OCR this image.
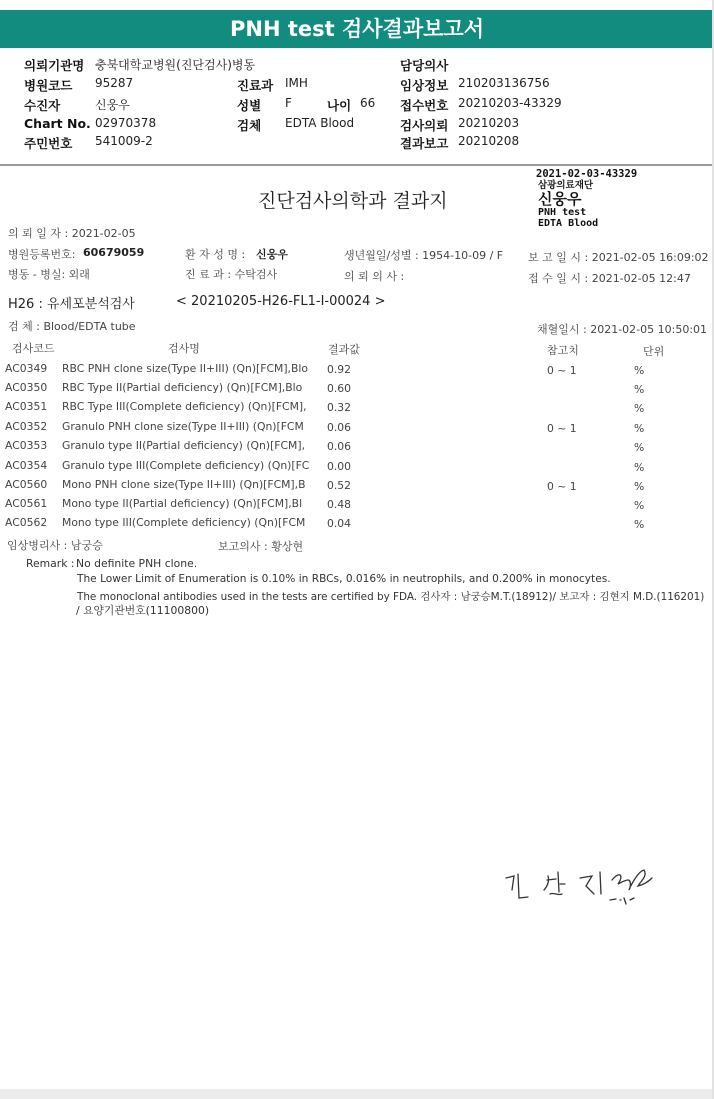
PNH test 검사결과보고서
의뢰기관명 충북대학교병원(진단검사)병동	담당의사
병원코드 95287	진료과 IMH	임상정보 210203136756
수진자	신웅우	성별 F	나이 66 접수번호 20210203-43329
Chart No. 02970378	검체 EDTA Blood	검사의뢰 20210203
주민번호 541009-2	결과보고 20210208
진단검사의학과 결과지
2021-02-03-43329
삼광의료재단
신웅우
PNH test
EDTA Blood
의 뢰 일 자 : 2021-02-05
병원등록번호: 60679059	환 자 성 명 : 신웅우	생년월일/성별 : 1954-10-09 / F 보 고 일 시 : 2021-02-05 16:09:02
병동 - 병실: 외래	진 료 과 : 수탁검사	의 뢰 의 사 :	접 수 일 시 : 2021-02-05 12:47
H26 : 유세포분석검사	< 20210205-H26-FL1-I-00024 >
검 체 : Blood/EDTA tube	채혈일시 : 2021-02-05 10:50:01
검사코드	검사명	결과값	참고치	단위
AC0349 RBC PNH clone size(Type II+III) (Qn)[FCM],Blo 0.92	0 ~ 1	%
AC0350 RBC Type II(Partial deficiency) (Qn)[FCM],Blo 0.60	%
AC0351 RBC Type III(Complete deficiency) (Qn)[FCM], 0.32	%
AC0352 Granulo PNH clone size(Type II+III) (Qn)[FCM 0.06	0 ~ 1	%
AC0353 Granulo type II(Partial deficiency) (Qn)[FCM], 0.06	%
AC0354 Granulo type III(Complete deficiency) (Qn)[FC 0.00	%
AC0560 Mono PNH clone size(Type II+III) (Qn)[FCM],B 0.52	0 ~ 1	%
AC0561 Mono type II(Partial deficiency) (Qn)[FCM],Bl 0.48	%
AC0562 Mono type III(Complete deficiency) (Qn)[FCM 0.04	%
임상병리사 : 남궁승	보고의사 : 황상현
Remark : No definite PNH clone.
The Lower Limit of Enumeration is 0.10% in RBCs, 0.016% in neutrophils, and 0.200% in monocytes.
The monoclonal antibodies used in the tests are certified by FDA. 검사자 : 남궁승M.T.(18912)/ 보고자 : 김현지 M.D.(116201)
/ 요양기관번호(11100800)
